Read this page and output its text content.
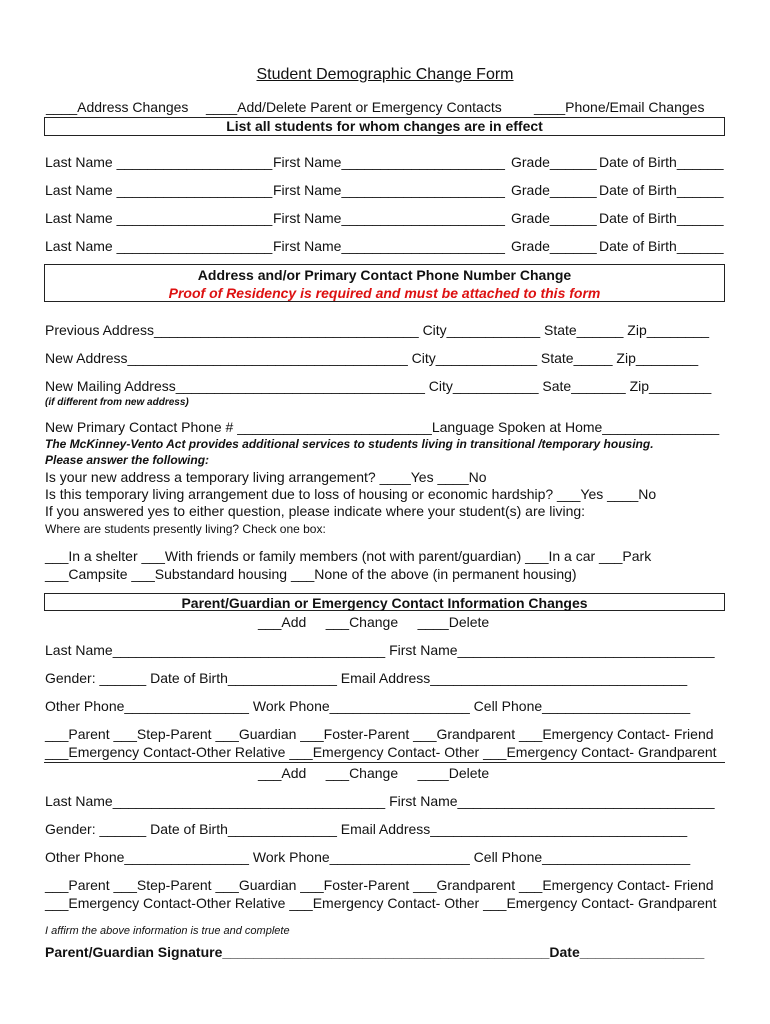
Student Demographic Change Form
____Address Changes ____Add/Delete Parent or Emergency Contacts ____Phone/Email Changes
List all students for whom changes are in effect
Last Name ____________________ First Name_____________________ Grade______ Date of Birth______
Last Name ____________________ First Name_____________________ Grade______ Date of Birth______
Last Name ____________________ First Name_____________________ Grade______ Date of Birth______
Last Name ____________________ First Name_____________________ Grade______ Date of Birth______
Address and/or Primary Contact Phone Number Change
Proof of Residency is required and must be attached to this form
Previous Address__________________________________ City____________ State______ Zip________
New Address____________________________________ City_____________ State_____ Zip________
New Mailing Address________________________________ City___________ Sate_______ Zip________
(if different from new address)
New Primary Contact Phone # _________________________Language Spoken at Home_______________
The McKinney-Vento Act provides additional services to students living in transitional /temporary housing.
Please answer the following:
Is your new address a temporary living arrangement? ____Yes ____No
Is this temporary living arrangement due to loss of housing or economic hardship? ___Yes ____No
If you answered yes to either question, please indicate where your student(s) are living:
Where are students presently living? Check one box:
___In a shelter ___With friends or family members (not with parent/guardian) ___In a car ___Park
___Campsite ___Substandard housing ___None of the above (in permanent housing)
Parent/Guardian or Emergency Contact Information Changes
___Add     ___Change     ____Delete
Last Name___________________________________ First Name_________________________________
Gender: ______ Date of Birth______________ Email Address_________________________________
Other Phone________________ Work Phone__________________ Cell Phone___________________
___Parent ___Step-Parent ___Guardian ___Foster-Parent ___Grandparent ___Emergency Contact- Friend
___Emergency Contact-Other Relative ___Emergency Contact- Other ___Emergency Contact- Grandparent
___Add     ___Change     ____Delete
Last Name___________________________________ First Name_________________________________
Gender: ______ Date of Birth______________ Email Address_________________________________
Other Phone________________ Work Phone__________________ Cell Phone___________________
___Parent ___Step-Parent ___Guardian ___Foster-Parent ___Grandparent ___Emergency Contact- Friend
___Emergency Contact-Other Relative ___Emergency Contact- Other ___Emergency Contact- Grandparent
I affirm the above information is true and complete
Parent/Guardian Signature__________________________________________Date________________
